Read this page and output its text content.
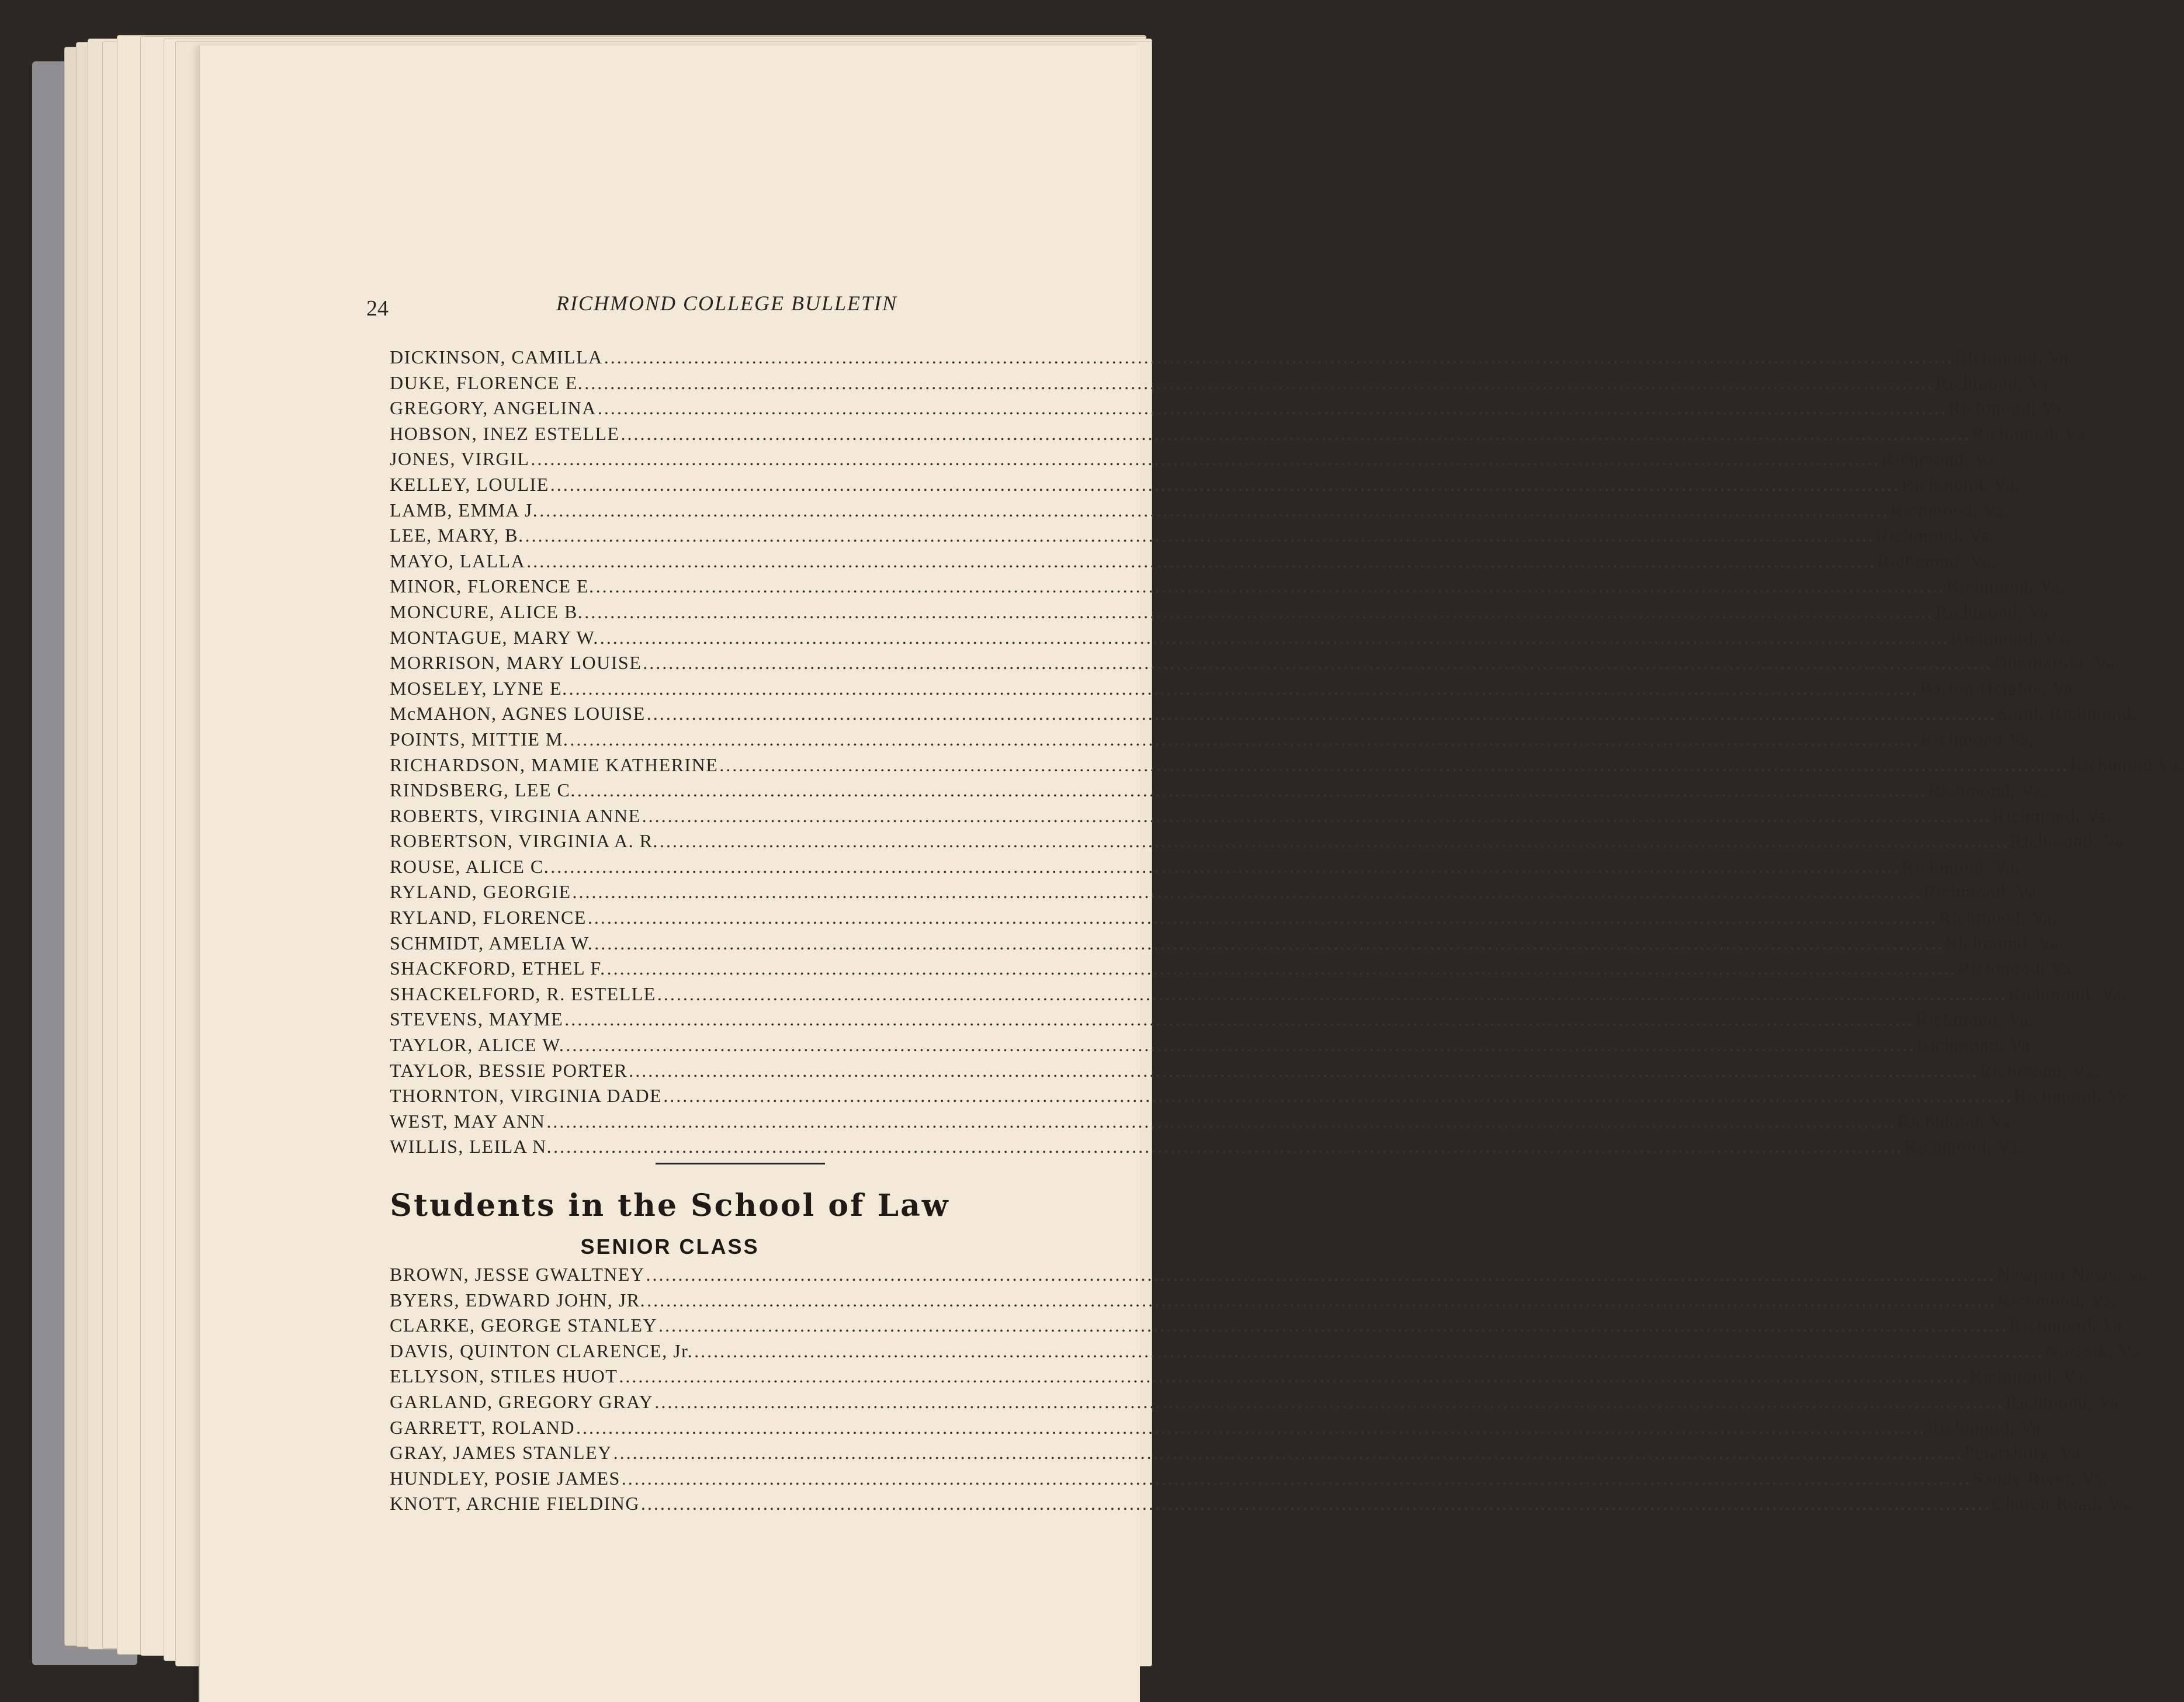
24	RICHMOND COLLEGE BULLETIN
DICKINSON, CAMILLA .....	Richmond, Va.
DUKE, FLORENCE E. .....	Richmond, Va.
GREGORY, ANGELINA .....	Richmond, Va.
HOBSON, INEZ ESTELLE .....	Richmond, Va.
JONES, VIRGIL .....	Richmond, Va.
KELLEY, LOULIE .....	Richmond, Va.
LAMB, EMMA J. .....	Richmond, Va.
LEE, MARY, B. .....	Richmond, Va.
MAYO, LALLA .....	Richmond, Va.
MINOR, FLORENCE E. .....	Richmond, Va.
MONCURE, ALICE B. .....	Richmond, Va.
MONTAGUE, MARY W. .....	Richmond, Va.
MORRISON, MARY LOUISE .....	Dumbarton, Va.
MOSELEY, LYNE E. .....	Barton Heights, Va.
McMAHON, AGNES LOUISE .....	South Richmond.
POINTS, MITTIE M. .....	Richmond Va.
RICHARDSON, MAMIE KATHERINE .....	Richmond Va.
RINDSBERG, LEE C. .....	Richmond, Va.
ROBERTS, VIRGINIA ANNE .....	Richmond, Va.
ROBERTSON, VIRGINIA A. R. .....	Richmond, Va.
ROUSE, ALICE C. .....	Richmond, Va.
RYLAND, GEORGIE .....	Richmond, Va.
RYLAND, FLORENCE .....	Richmond, Va.
SCHMIDT, AMELIA W. .....	Richmond, Va.
SHACKFORD, ETHEL F. .....	Richmond, Va.
SHACKELFORD, R. ESTELLE .....	Richmond, Va.
STEVENS, MAYME .....	Richmond, Va.
TAYLOR, ALICE W. .....	Richmond, Va.
TAYLOR, BESSIE PORTER .....	Richmond, Va.
THORNTON, VIRGINIA DADE .....	Richmond, Va.
WEST, MAY ANN .....	Richmond, Va.
WILLIS, LEILA N. .....	Richmond, Va.
Students in the School of Law
SENIOR CLASS
BROWN, JESSE GWALTNEY .....	Newport News, Va.
BYERS, EDWARD JOHN, JR. .....	Richmond, Va.
CLARKE, GEORGE STANLEY .....	Richmond, Va.
DAVIS, QUINTON CLARENCE, Jr. .....	Norfolk, Va.
ELLYSON, STILES HUOT .....	Richmond, Va.
GARLAND, GREGORY GRAY .....	Richmond, Va.
GARRETT, ROLAND .....	Richmond, Va.
GRAY, JAMES STANLEY .....	Petersburg, Va.
HUNDLEY, POSIE JAMES .....	Sandy River, Va.
KNOTT, ARCHIE FIELDING .....	Church Road, Va.
